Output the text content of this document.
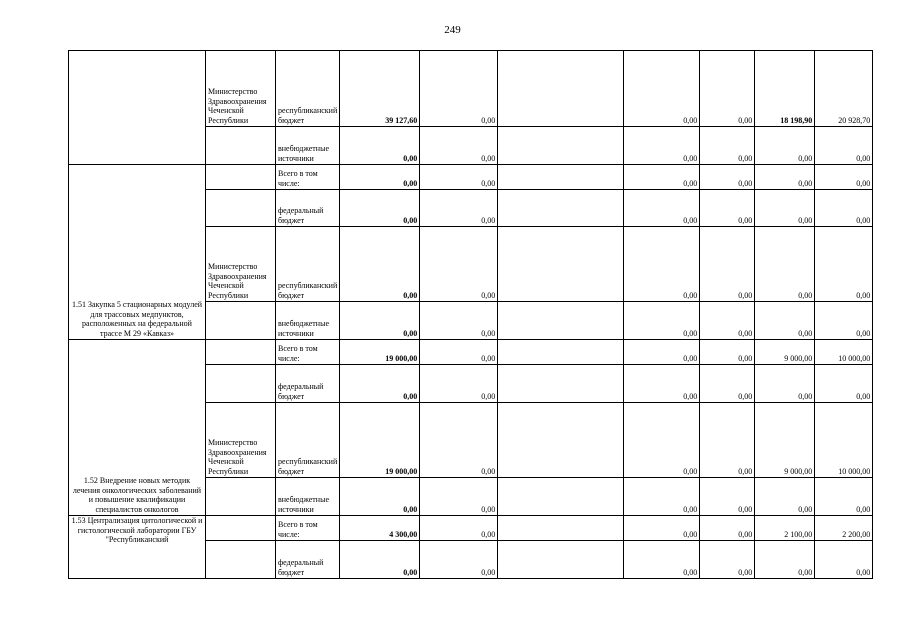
249
	Министерство Здравоохранения Чеченской Республики	республиканский бюджет	39 127,60	0,00		0,00	0,00	18 198,90	20 928,70
		внебюджетные источники	0,00	0,00		0,00	0,00	0,00	0,00
1.51 Закупка 5 стационарных модулей для трассовых медпунктов, расположенных на федеральной трассе М 29 «Кавказ»		Всего в том числе:	0,00	0,00		0,00	0,00	0,00	0,00
		федеральный бюджет	0,00	0,00		0,00	0,00	0,00	0,00
	Министерство Здравоохранения Чеченской Республики	республиканский бюджет	0,00	0,00		0,00	0,00	0,00	0,00
		внебюджетные источники	0,00	0,00		0,00	0,00	0,00	0,00
1.52 Внедрение новых методик лечения онкологических заболеваний и повышение квалификации специалистов онкологов		Всего в том числе:	19 000,00	0,00		0,00	0,00	9 000,00	10 000,00
		федеральный бюджет	0,00	0,00		0,00	0,00	0,00	0,00
	Министерство Здравоохранения Чеченской Республики	республиканский бюджет	19 000,00	0,00		0,00	0,00	9 000,00	10 000,00
		внебюджетные источники	0,00	0,00		0,00	0,00	0,00	0,00
1.53 Централизация цитологической и гистологической лаборатории ГБУ "Республиканский		Всего в том числе:	4 300,00	0,00		0,00	0,00	2 100,00	2 200,00
		федеральный бюджет	0,00	0,00		0,00	0,00	0,00	0,00
